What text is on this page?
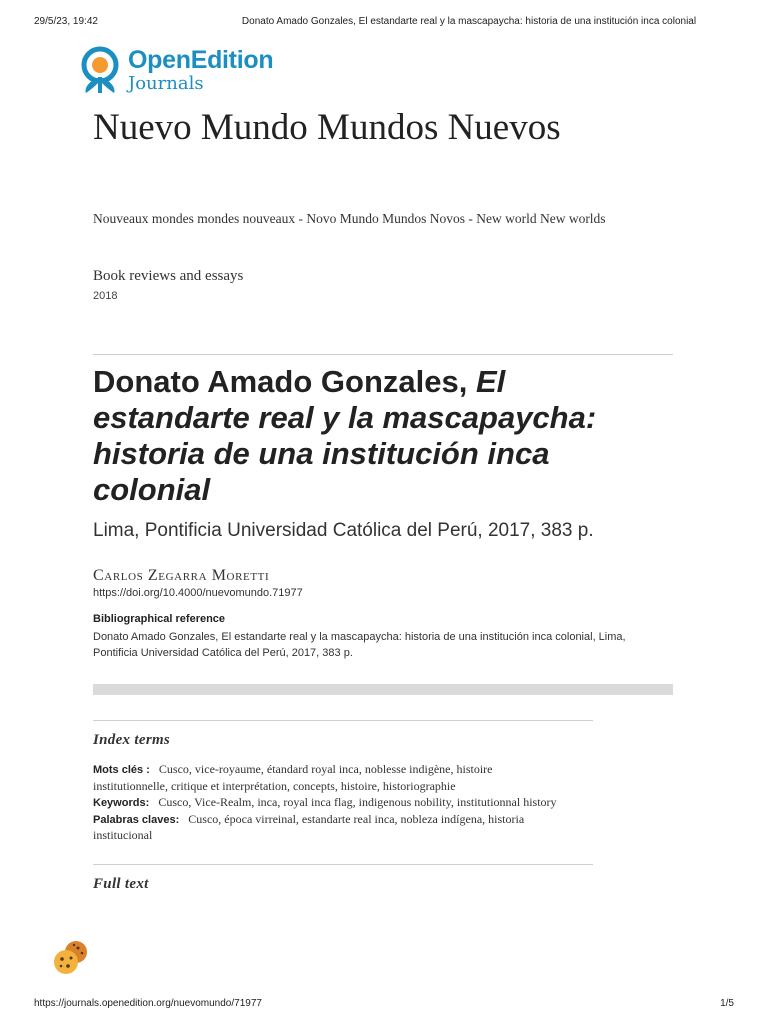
29/5/23, 19:42	Donato Amado Gonzales, El estandarte real y la mascapaycha: historia de una institución inca colonial
OpenEdition
Journals
Nuevo Mundo Mundos Nuevos
Nouveaux mondes mondes nouveaux - Novo Mundo Mundos Novos - New world New worlds
Book reviews and essays
2018
Donato Amado Gonzales, El estandarte real y la mascapaycha: historia de una institución inca colonial
Lima, Pontificia Universidad Católica del Perú, 2017, 383 p.
Carlos Zegarra Moretti
https://doi.org/10.4000/nuevomundo.71977
Bibliographical reference
Donato Amado Gonzales, El estandarte real y la mascapaycha: historia de una institución inca colonial, Lima, Pontificia Universidad Católica del Perú, 2017, 383 p.
Index terms

Mots clés : Cusco, vice-royaume, étandard royal inca, noblesse indigène, histoire institutionnelle, critique et interprétation, concepts, histoire, historiographie

Keywords: Cusco, Vice-Realm, inca, royal inca flag, indigenous nobility, institutionnal history

Palabras claves: Cusco, época virreinal, estandarte real inca, nobleza indígena, historia institucional

Full text
https://journals.openedition.org/nuevomundo/71977	1/5
